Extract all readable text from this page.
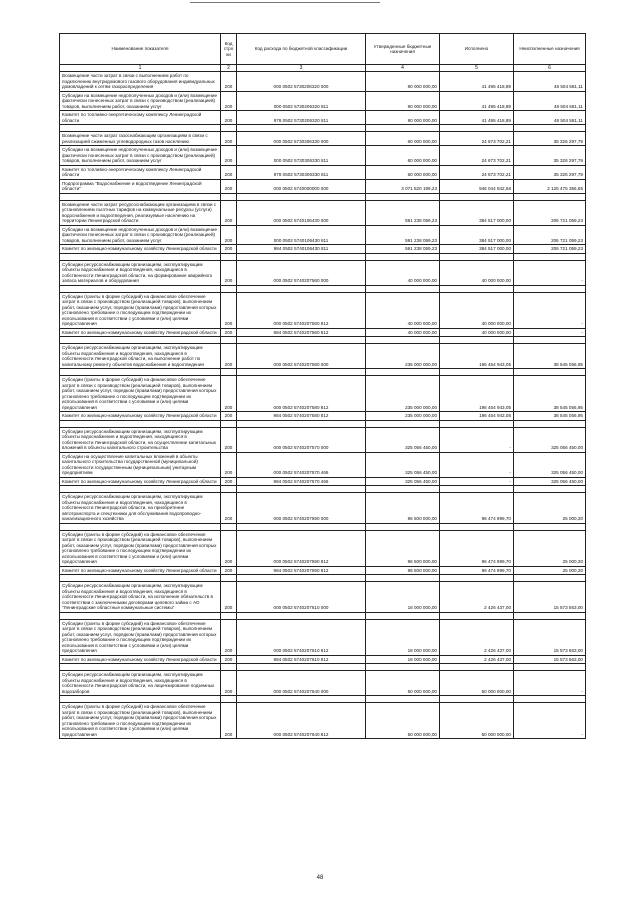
Наименование показателя	Код стро ки	Код расхода по бюджетной классификации	Утвержденные бюджетные назначения	Исполнено	Неисполненные назначения
1	2	3	4	5	6
Возмещение части затрат в связи с выполнением работ по подключению внутридомового газового оборудования индивидуальных домовладений к сетям газораспределения	200	000 0502 5730206320 000	90 000 000,00	41 495 418,89	48 504 581,11
Субсидии на возмещение недополученных доходов и (или) возмещение фактически понесенных затрат в связи с производством (реализацией) товаров, выполнением работ, оказанием услуг	200	000 0502 5730206320 811	90 000 000,00	41 495 418,89	48 504 581,11
Комитет по топливно-энергетическому комплексу Ленинградской области	200	978 0502 5730206320 811	90 000 000,00	41 495 418,89	48 504 581,11

Возмещение части затрат газоснабжающим организациям в связи с реализацией сжиженных углеводородных газов населению	200	000 0502 5730306330 000	60 000 000,00	24 673 702,21	35 326 297,79
Субсидии на возмещение недополученных доходов и (или) возмещение фактически понесенных затрат в связи с производством (реализацией) товаров, выполнением работ, оказанием услуг	200	000 0502 5730306330 811	60 000 000,00	24 673 702,21	35 326 297,79
Комитет по топливно-энергетическому комплексу Ленинградской области	200	978 0502 5730306330 811	60 000 000,00	24 673 702,21	35 326 297,79
Подпрограмма "Водоснабжение и водоотведение Ленинградской области"	200	000 0502 5740000000 000	3 071 520 199,23	946 044 842,58	2 125 475 356,65

Возмещение части затрат ресурсоснабжающим организациям в связи с установлением льготных тарифов на коммунальные ресурсы (услуги) водоснабжения и водоотведения, реализуемые населению на территории Ленинградской области	200	000 0502 5740106430 000	591 238 059,23	384 517 000,00	206 721 059,23
Субсидии на возмещение недополученных доходов и (или) возмещение фактически понесенных затрат в связи с производством (реализацией) товаров, выполнением работ, оказанием услуг	200	000 0502 5740106430 811	591 238 059,23	384 517 000,00	206 721 059,23
Комитет по жилищно-коммунальному хозяйству Ленинградской области	200	984 0502 5740106430 811	591 238 059,23	384 517 000,00	206 721 059,23

Субсидии ресурсоснабжающим организациям, эксплуатирующим объекты водоснабжения и водоотведения, находящиеся в собственности Ленинградской области, на формирование аварийного запаса материалов и оборудования	200	000 0502 5740207560 000	40 000 000,00	40 000 000,00	-

Субсидии (гранты в форме субсидий) на финансовое обеспечение затрат в связи с производством (реализацией товаров), выполнением работ, оказанием услуг, порядком (правилами) предоставления которых установлено требование о последующем подтверждении их использования в соответствии с условиями и (или) целями предоставления	200	000 0502 5740207560 812	40 000 000,00	40 000 000,00	-
Комитет по жилищно-коммунальному хозяйству Ленинградской области	200	984 0502 5740207560 812	40 000 000,00	40 000 000,00	-

Субсидии ресурсоснабжающим организациям, эксплуатирующим объекты водоснабжения и водоотведения, находящиеся в собственности Ленинградской области, на выполнение работ по капитальному ремонту объектов водоснабжения и водоотведения	200	000 0502 5740207580 000	235 000 000,00	196 454 943,05	38 545 056,95

Субсидии (гранты в форме субсидий) на финансовое обеспечение затрат в связи с производством (реализацией товаров), выполнением работ, оказанием услуг, порядком (правилами) предоставления которых установлено требование о последующем подтверждении их использования в соответствии с условиями и (или) целями предоставления	200	000 0502 5740207580 812	235 000 000,00	196 454 943,05	38 545 056,95
Комитет по жилищно-коммунальному хозяйству Ленинградской области	200	984 0502 5740207580 812	235 000 000,00	196 454 943,05	38 545 056,95

Субсидии ресурсоснабжающим организациям, эксплуатирующим объекты водоснабжения и водоотведения, находящиеся в собственности Ленинградской области, на осуществление капитальных вложений в объекты капитального строительства	200	000 0502 5740207570 000	325 056 450,00	-	325 056 450,00
Субсидии на осуществление капитальных вложений в объекты капитального строительства государственной (муниципальной) собственности государственным (муниципальным) унитарным предприятиям	200	000 0502 5740207570 466	325 056 450,00	-	325 056 450,00
Комитет по жилищно-коммунальному хозяйству Ленинградской области	200	984 0502 5740207570 466	325 056 450,00	-	325 056 450,00

Субсидии ресурсоснабжающим организациям, эксплуатирующим объекты водоснабжения и водоотведения, находящиеся в собственности Ленинградской области, на приобретение автотранспорта и спецтехники для обслуживания водопроводно-канализационного хозяйства	200	000 0502 5740207590 000	96 500 000,00	96 474 999,70	25 000,30

Субсидии (гранты в форме субсидий) на финансовое обеспечение затрат в связи с производством (реализацией товаров), выполнением работ, оказанием услуг, порядком (правилами) предоставления которых установлено требование о последующем подтверждении их использования в соответствии с условиями и (или) целями предоставления	200	000 0502 5740207590 812	96 500 000,00	96 474 999,70	25 000,30
Комитет по жилищно-коммунальному хозяйству Ленинградской области	200	984 0502 5740207590 812	96 500 000,00	96 474 999,70	25 000,30

Субсидии ресурсоснабжающим организациям, эксплуатирующим объекты водоснабжения и водоотведения, находящиеся в собственности Ленинградской области, на исполнение обязательств в соответствии с заключенными договорами целевого займа с АО "Ленинградские областные коммунальные системы"	200	000 0502 5740207610 000	18 000 000,00	2 426 437,00	15 573 563,00

Субсидии (гранты в форме субсидий) на финансовое обеспечение затрат в связи с производством (реализацией товаров), выполнением работ, оказанием услуг, порядком (правилами) предоставления которых установлено требование о последующем подтверждении их использования в соответствии с условиями и (или) целями предоставления	200	000 0502 5740207610 812	18 000 000,00	2 426 437,00	15 573 563,00
Комитет по жилищно-коммунальному хозяйству Ленинградской области	200	984 0502 5740207610 812	18 000 000,00	2 426 437,00	15 573 563,00

Субсидии ресурсоснабжающим организациям, эксплуатирующим объекты водоснабжения и водоотведения, находящиеся в собственности Ленинградской области, на лицензирование подземных водозаборов	200	000 0502 5740207640 000	50 000 000,00	50 000 000,00	-

Субсидии (гранты в форме субсидий) на финансовое обеспечение затрат в связи с производством (реализацией товаров), выполнением работ, оказанием услуг, порядком (правилами) предоставления которых установлено требование о последующем подтверждении их использования в соответствии с условиями и (или) целями предоставления	200	000 0502 5740207640 812	50 000 000,00	50 000 000,00	-
48
